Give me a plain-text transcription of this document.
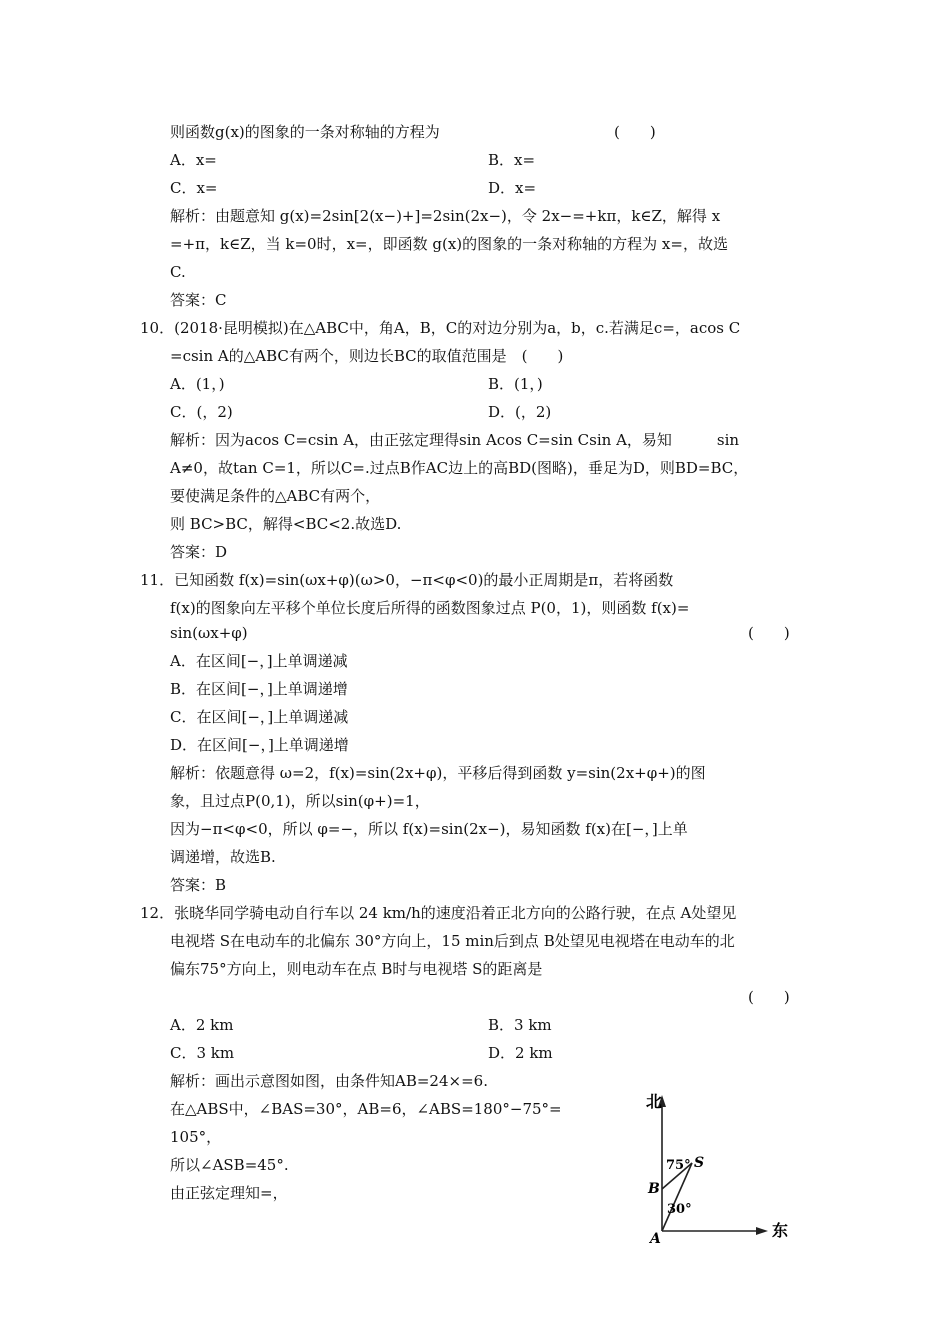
则函数g(x)的图象的一条对称轴的方程为	(　　)
A．x=	B．x=
C．x=	D．x=
解析：由题意知 g(x)=2sin[2(x−)+]=2sin(2x−)，令 2x−=+kπ，k∈Z，解得 x
=+π，k∈Z，当 k=0时，x=，即函数 g(x)的图象的一条对称轴的方程为 x=，故选
C.
答案：C
10．(2018·昆明模拟)在△ABC中，角A，B，C的对边分别为a，b，c.若满足c=，acos C
=csin A的△ABC有两个，则边长BC的取值范围是　(　　)
A．(1，)	B．(1，)
C．(，2)	D．(，2)
解析：因为acos C=csin A，由正弦定理得sin Acos C=sin Csin A，易知　　　sin
A≠0，故tan C=1，所以C=.过点B作AC边上的高BD(图略)，垂足为D，则BD=BC，
要使满足条件的△ABC有两个，
则 BC>BC，解得<BC<2.故选D.
答案：D
11．已知函数 f(x)=sin(ωx+φ)(ω>0，−π<φ<0)的最小正周期是π，若将函数
f(x)的图象向左平移个单位长度后所得的函数图象过点 P(0，1)，则函数 f(x)=
sin(ωx+φ)	(　　)
A．在区间[−，]上单调递减
B．在区间[−，]上单调递增
C．在区间[−，]上单调递减
D．在区间[−，]上单调递增
解析：依题意得 ω=2，f(x)=sin(2x+φ)，平移后得到函数 y=sin(2x+φ+)的图
象，且过点P(0,1)，所以sin(φ+)=1，
因为−π<φ<0，所以 φ=−，所以 f(x)=sin(2x−)，易知函数 f(x)在[−，]上单
调递增，故选B.
答案：B
12．张晓华同学骑电动自行车以 24 km/h的速度沿着正北方向的公路行驶，在点 A处望见
电视塔 S在电动车的北偏东 30°方向上，15 min后到点 B处望见电视塔在电动车的北
偏东75°方向上，则电动车在点 B时与电视塔 S的距离是
(　　)
A．2 km	B．3 km
C．3 km	D．2 km
解析：画出示意图如图，由条件知AB=24×=6.
在△ABS中，∠BAS=30°，AB=6，∠ABS=180°−75°=
105°，
所以∠ASB=45°.
由正弦定理知=，
北
东
75°
30°
S
B
A
